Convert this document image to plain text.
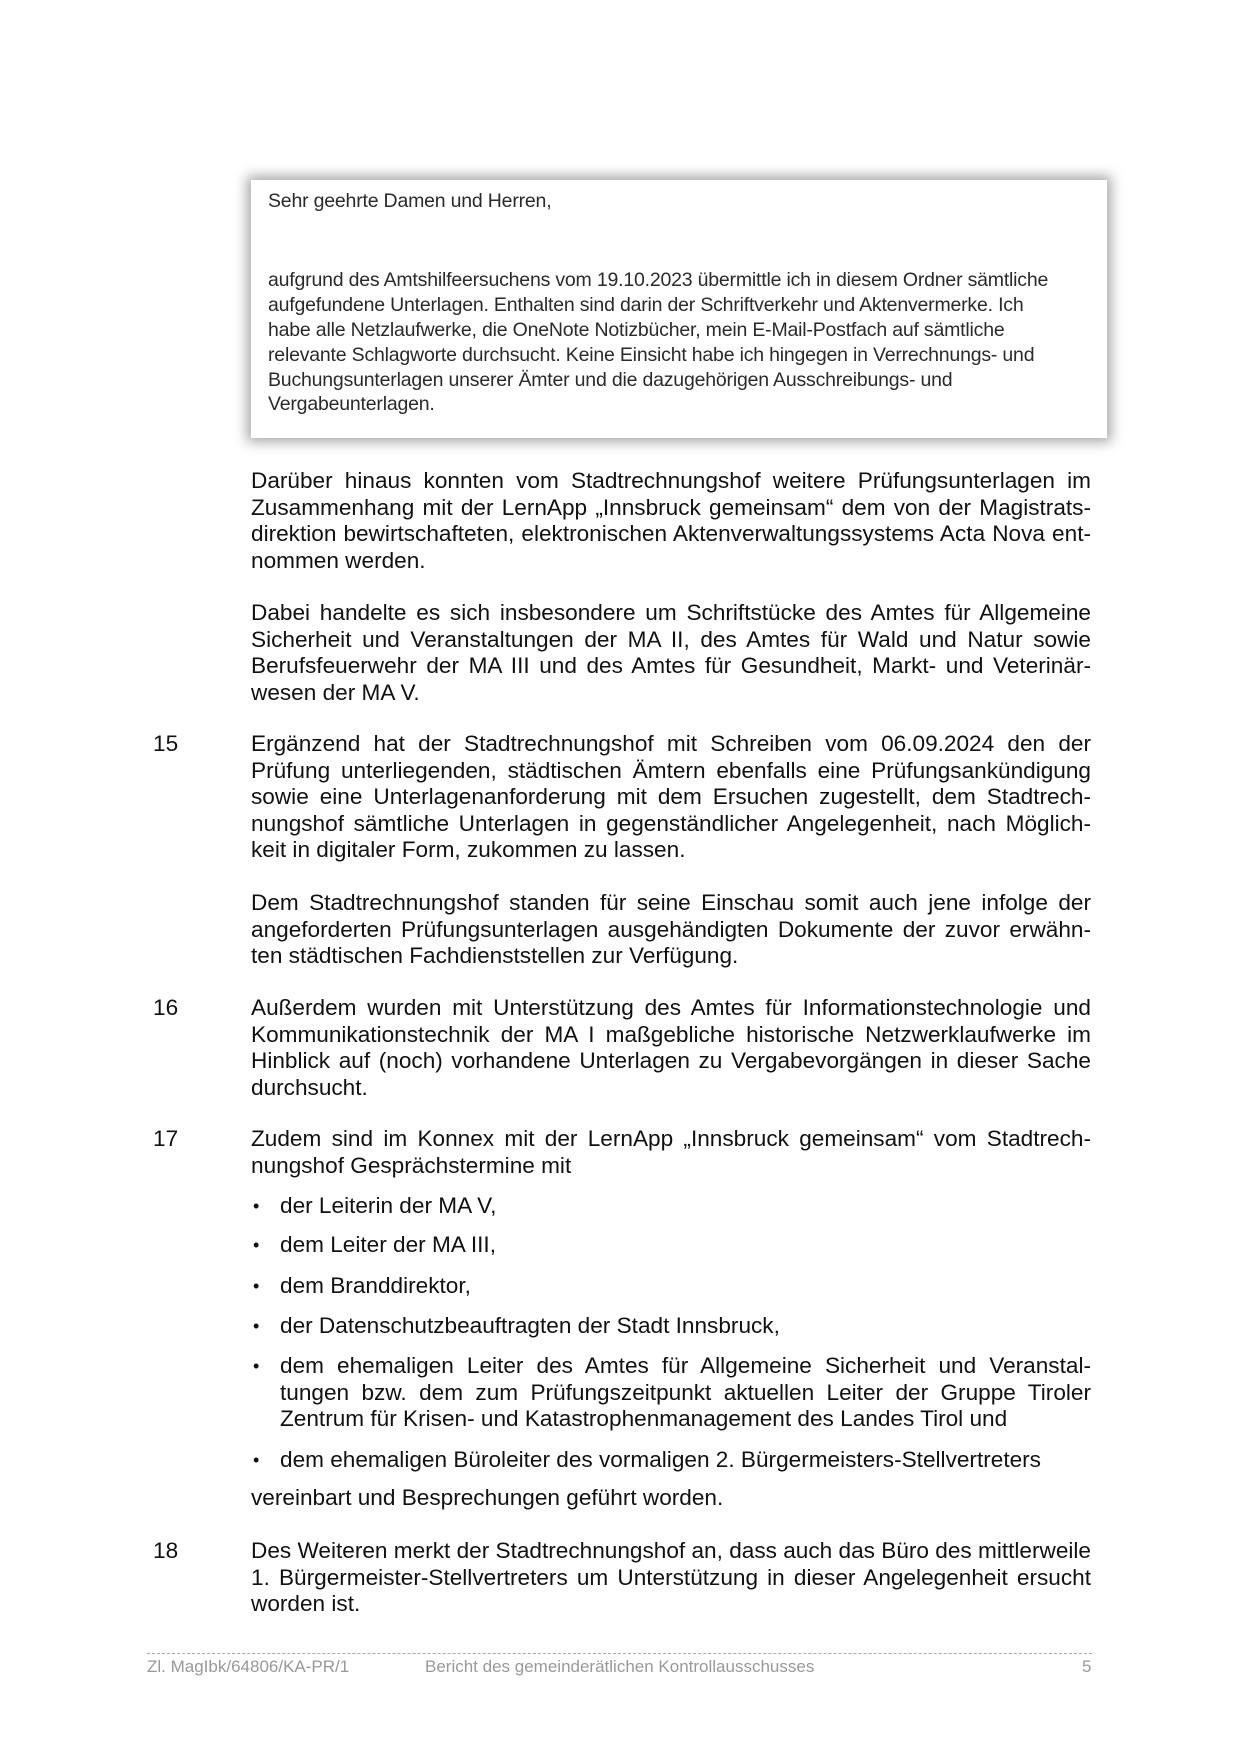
Sehr geehrte Damen und Herren,
aufgrund des Amtshilfeersuchens vom 19.10.2023 übermittle ich in diesem Ordner sämtliche
aufgefundene Unterlagen. Enthalten sind darin der Schriftverkehr und Aktenvermerke. Ich
habe alle Netzlaufwerke, die OneNote Notizbücher, mein E-Mail-Postfach auf sämtliche
relevante Schlagworte durchsucht. Keine Einsicht habe ich hingegen in Verrechnungs- und
Buchungsunterlagen unserer Ämter und die dazugehörigen Ausschreibungs- und
Vergabeunterlagen.
Darüber hinaus konnten vom Stadtrechnungshof weitere Prüfungsunterlagen im
Zusammenhang mit der LernApp „Innsbruck gemeinsam“ dem von der Magistrats-
direktion bewirtschafteten, elektronischen Aktenverwaltungssystems Acta Nova ent-
nommen werden.
Dabei handelte es sich insbesondere um Schriftstücke des Amtes für Allgemeine
Sicherheit und Veranstaltungen der MA II, des Amtes für Wald und Natur sowie
Berufsfeuerwehr der MA III und des Amtes für Gesundheit, Markt- und Veterinär-
wesen der MA V.
15	Ergänzend hat der Stadtrechnungshof mit Schreiben vom 06.09.2024 den der
Prüfung unterliegenden, städtischen Ämtern ebenfalls eine Prüfungsankündigung
sowie eine Unterlagenanforderung mit dem Ersuchen zugestellt, dem Stadtrech-
nungshof sämtliche Unterlagen in gegenständlicher Angelegenheit, nach Möglich-
keit in digitaler Form, zukommen zu lassen.
Dem Stadtrechnungshof standen für seine Einschau somit auch jene infolge der
angeforderten Prüfungsunterlagen ausgehändigten Dokumente der zuvor erwähn-
ten städtischen Fachdienststellen zur Verfügung.
16	Außerdem wurden mit Unterstützung des Amtes für Informationstechnologie und
Kommunikationstechnik der MA I maßgebliche historische Netzwerklaufwerke im
Hinblick auf (noch) vorhandene Unterlagen zu Vergabevorgängen in dieser Sache
durchsucht.
17	Zudem sind im Konnex mit der LernApp „Innsbruck gemeinsam“ vom Stadtrech-
nungshof Gesprächstermine mit
• der Leiterin der MA V,
• dem Leiter der MA III,
• dem Branddirektor,
• der Datenschutzbeauftragten der Stadt Innsbruck,
• dem ehemaligen Leiter des Amtes für Allgemeine Sicherheit und Veranstal-
tungen bzw. dem zum Prüfungszeitpunkt aktuellen Leiter der Gruppe Tiroler
Zentrum für Krisen- und Katastrophenmanagement des Landes Tirol und
• dem ehemaligen Büroleiter des vormaligen 2. Bürgermeisters-Stellvertreters
vereinbart und Besprechungen geführt worden.
18	Des Weiteren merkt der Stadtrechnungshof an, dass auch das Büro des mittlerweile
1. Bürgermeister-Stellvertreters um Unterstützung in dieser Angelegenheit ersucht
worden ist.
Zl. MagIbk/64806/KA-PR/1	Bericht des gemeinderätlichen Kontrollausschusses	5
